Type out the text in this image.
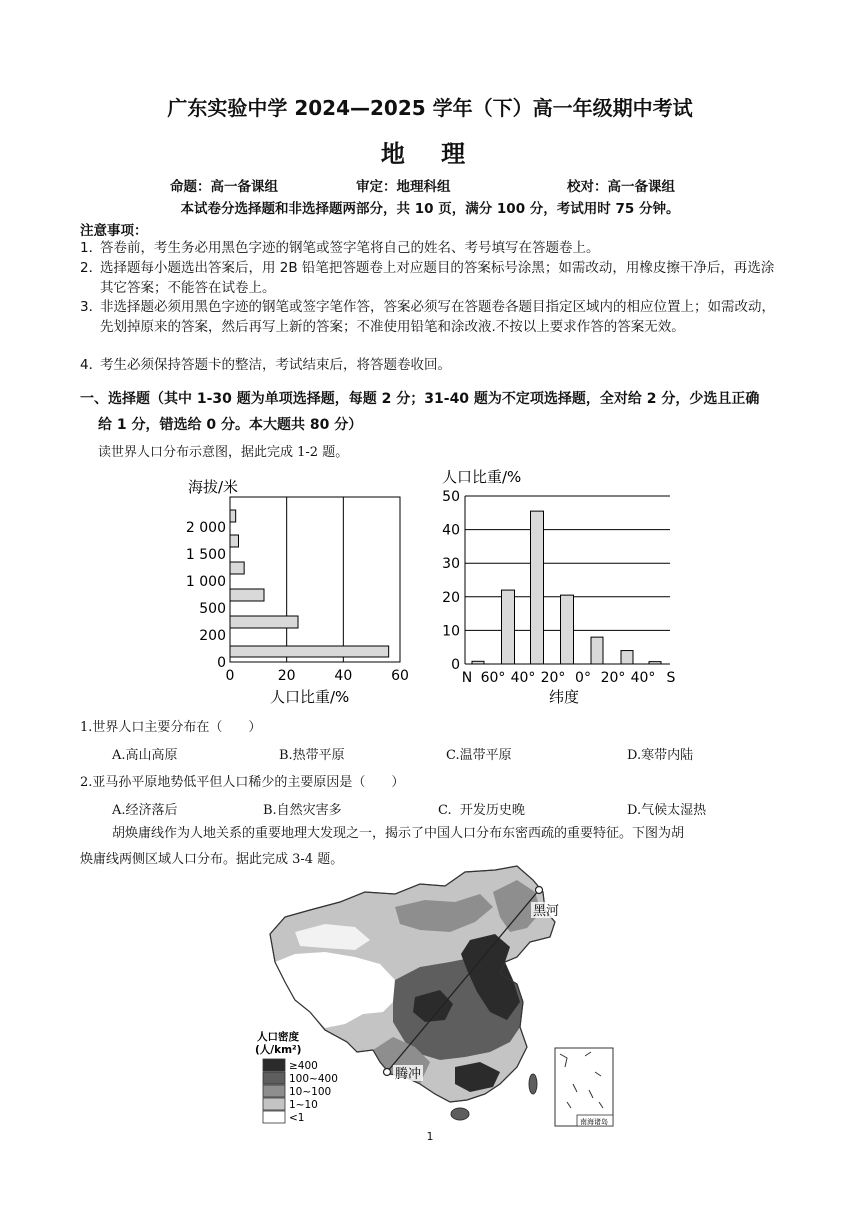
广东实验中学 2024—2025 学年（下）高一年级期中考试
地 理
命题：高一备课组	审定：地理科组	校对：高一备课组
本试卷分选择题和非选择题两部分，共 10 页，满分 100 分，考试用时 75 分钟。
注意事项：
1．
答卷前，考生务必用黑色字迹的钢笔或签字笔将自己的姓名、考号填写在答题卷上。
2．
选择题每小题选出答案后，用 2B 铅笔把答题卷上对应题目的答案标号涂黑；如需改动，用橡皮擦干净后，再选涂其它答案；不能答在试卷上。
3．
非选择题必须用黑色字迹的钢笔或签字笔作答，答案必须写在答题卷各题目指定区域内的相应位置上；如需改动，先划掉原来的答案，然后再写上新的答案；不准使用铅笔和涂改液.不按以上要求作答的答案无效。
4．
考生必须保持答题卡的整洁，考试结束后，将答题卷收回。
一、选择题（其中 1-30 题为单项选择题，每题 2 分；31-40 题为不定项选择题，全对给 2 分，少选且正确
给 1 分，错选给 0 分。本大题共 80 分）
读世界人口分布示意图，据此完成 1-2 题。
海拔/米
0
200
500
1 000
1 500
2 000
0	20	40	60
人口比重/%
人口比重/%
0
10
20
30
40
50
N 60° 40° 20° 0° 20° 40° S
纬度
1.世界人口主要分布在（　　）
A.高山高原	B.热带平原	C.温带平原	D.寒带内陆
2.亚马孙平原地势低平但人口稀少的主要原因是（　　）
A.经济落后	B.自然灾害多	C.  开发历史晚	D.气候太湿热
胡焕庸线作为人地关系的重要地理大发现之一，揭示了中国人口分布东密西疏的重要特征。下图为胡
焕庸线两侧区域人口分布。据此完成 3-4 题。
黑河
腾冲
人口密度
(人/km²)
≥400
100~400
10~100
1~10
<1	南海诸岛
1
